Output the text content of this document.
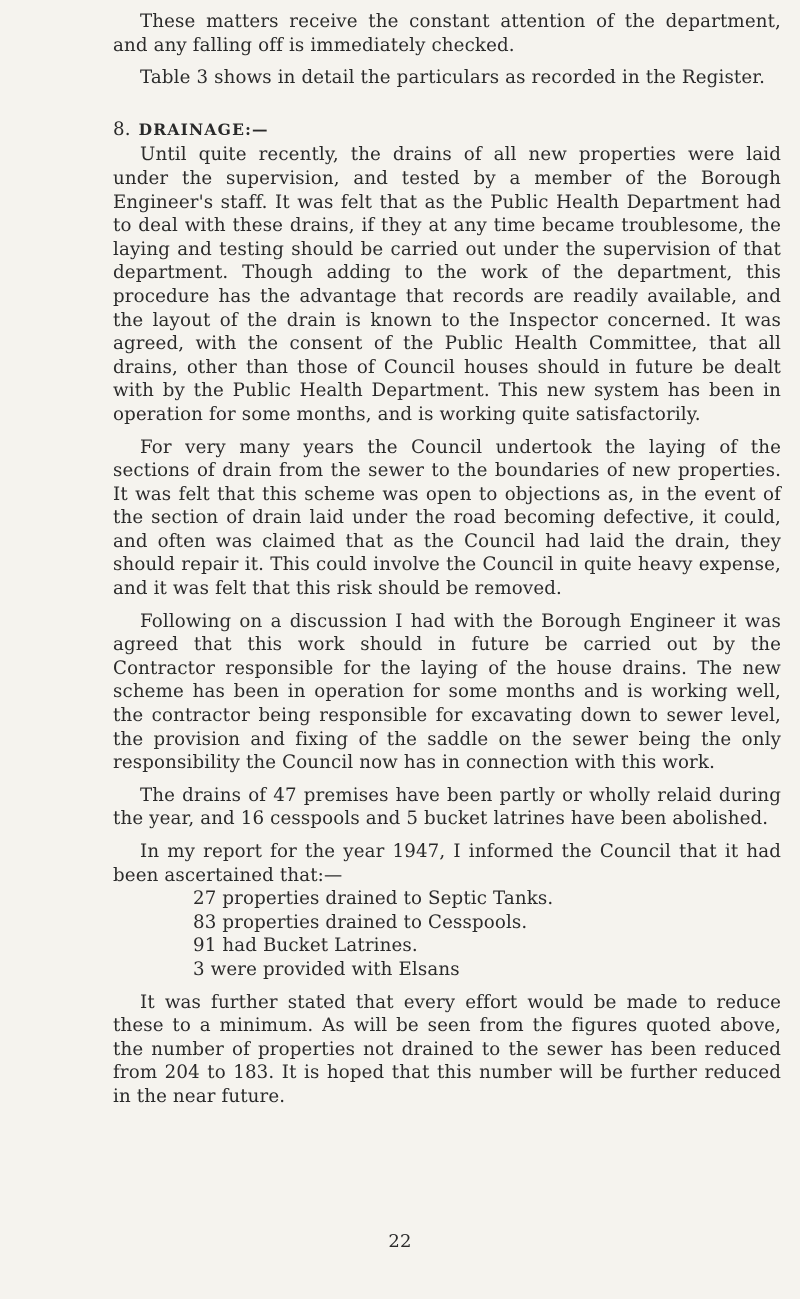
These matters receive the constant attention of the department, and any falling off is immediately checked.

Table 3 shows in detail the particulars as recorded in the Register.

8. DRAINAGE:—

Until quite recently, the drains of all new properties were laid under the supervision, and tested by a member of the Borough Engineer's staff. It was felt that as the Public Health Department had to deal with these drains, if they at any time became troublesome, the laying and testing should be carried out under the supervision of that department. Though adding to the work of the department, this procedure has the advantage that records are readily available, and the layout of the drain is known to the Inspector concerned. It was agreed, with the consent of the Public Health Committee, that all drains, other than those of Council houses should in future be dealt with by the Public Health Department. This new system has been in operation for some months, and is working quite satisfactorily.

For very many years the Council undertook the laying of the sections of drain from the sewer to the boundaries of new properties. It was felt that this scheme was open to objections as, in the event of the section of drain laid under the road becoming defective, it could, and often was claimed that as the Council had laid the drain, they should repair it. This could involve the Council in quite heavy expense, and it was felt that this risk should be removed.

Following on a discussion I had with the Borough Engineer it was agreed that this work should in future be carried out by the Contractor responsible for the laying of the house drains. The new scheme has been in operation for some months and is working well, the contractor being responsible for excavating down to sewer level, the provision and fixing of the saddle on the sewer being the only responsibility the Council now has in connection with this work.

The drains of 47 premises have been partly or wholly relaid during the year, and 16 cesspools and 5 bucket latrines have been abolished.

In my report for the year 1947, I informed the Council that it had been ascertained that:—

27 properties drained to Septic Tanks.
83 properties drained to Cesspools.
91 had Bucket Latrines.
3 were provided with Elsans

It was further stated that every effort would be made to reduce these to a minimum. As will be seen from the figures quoted above, the number of properties not drained to the sewer has been reduced from 204 to 183. It is hoped that this number will be further reduced in the near future.

22
